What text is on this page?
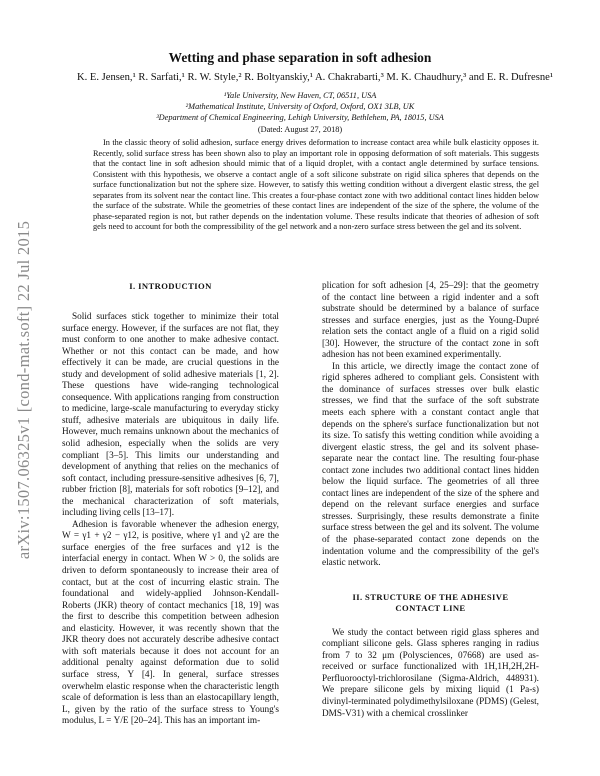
arXiv:1507.06325v1 [cond-mat.soft] 22 Jul 2015
Wetting and phase separation in soft adhesion
K. E. Jensen,¹ R. Sarfati,¹ R. W. Style,² R. Boltyanskiy,¹ A. Chakrabarti,³ M. K. Chaudhury,³ and E. R. Dufresne¹
¹Yale University, New Haven, CT, 06511, USA
²Mathematical Institute, University of Oxford, Oxford, OX1 3LB, UK
³Department of Chemical Engineering, Lehigh University, Bethlehem, PA, 18015, USA
(Dated: August 27, 2018)
In the classic theory of solid adhesion, surface energy drives deformation to increase contact area while bulk elasticity opposes it. Recently, solid surface stress has been shown also to play an important role in opposing deformation of soft materials. This suggests that the contact line in soft adhesion should mimic that of a liquid droplet, with a contact angle determined by surface tensions. Consistent with this hypothesis, we observe a contact angle of a soft silicone substrate on rigid silica spheres that depends on the surface functionalization but not the sphere size. However, to satisfy this wetting condition without a divergent elastic stress, the gel separates from its solvent near the contact line. This creates a four-phase contact zone with two additional contact lines hidden below the surface of the substrate. While the geometries of these contact lines are independent of the size of the sphere, the volume of the phase-separated region is not, but rather depends on the indentation volume. These results indicate that theories of adhesion of soft gels need to account for both the compressibility of the gel network and a non-zero surface stress between the gel and its solvent.
I. INTRODUCTION

Solid surfaces stick together to minimize their total surface energy. However, if the surfaces are not flat, they must conform to one another to make adhesive contact. Whether or not this contact can be made, and how effectively it can be made, are crucial questions in the study and development of solid adhesive materials [1, 2]. These questions have wide-ranging technological consequence. With applications ranging from construction to medicine, large-scale manufacturing to everyday sticky stuff, adhesive materials are ubiquitous in daily life. However, much remains unknown about the mechanics of solid adhesion, especially when the solids are very compliant [3–5]. This limits our understanding and development of anything that relies on the mechanics of soft contact, including pressure-sensitive adhesives [6, 7], rubber friction [8], materials for soft robotics [9–12], and the mechanical characterization of soft materials, including living cells [13–17].

Adhesion is favorable whenever the adhesion energy, W = γ1 + γ2 − γ12, is positive, where γ1 and γ2 are the surface energies of the free surfaces and γ12 is the interfacial energy in contact. When W > 0, the solids are driven to deform spontaneously to increase their area of contact, but at the cost of incurring elastic strain. The foundational and widely-applied Johnson-Kendall-Roberts (JKR) theory of contact mechanics [18, 19] was the first to describe this competition between adhesion and elasticity. However, it was recently shown that the JKR theory does not accurately describe adhesive contact with soft materials because it does not account for an additional penalty against deformation due to solid surface stress, Υ [4]. In general, surface stresses overwhelm elastic response when the characteristic length scale of deformation is less than an elastocapillary length, L, given by the ratio of the surface stress to Young's modulus, L = Υ/E [20–24]. This has an important im-

plication for soft adhesion [4, 25–29]: that the geometry of the contact line between a rigid indenter and a soft substrate should be determined by a balance of surface stresses and surface energies, just as the Young-Dupré relation sets the contact angle of a fluid on a rigid solid [30]. However, the structure of the contact zone in soft adhesion has not been examined experimentally.

In this article, we directly image the contact zone of rigid spheres adhered to compliant gels. Consistent with the dominance of surfaces stresses over bulk elastic stresses, we find that the surface of the soft substrate meets each sphere with a constant contact angle that depends on the sphere's surface functionalization but not its size. To satisfy this wetting condition while avoiding a divergent elastic stress, the gel and its solvent phase-separate near the contact line. The resulting four-phase contact zone includes two additional contact lines hidden below the liquid surface. The geometries of all three contact lines are independent of the size of the sphere and depend on the relevant surface energies and surface stresses. Surprisingly, these results demonstrate a finite surface stress between the gel and its solvent. The volume of the phase-separated contact zone depends on the indentation volume and the compressibility of the gel's elastic network.

II. STRUCTURE OF THE ADHESIVE
CONTACT LINE

We study the contact between rigid glass spheres and compliant silicone gels. Glass spheres ranging in radius from 7 to 32 μm (Polysciences, 07668) are used as-received or surface functionalized with 1H,1H,2H,2H-Perfluorooctyl-trichlorosilane (Sigma-Aldrich, 448931). We prepare silicone gels by mixing liquid (1 Pa-s) divinyl-terminated polydimethylsiloxane (PDMS) (Gelest, DMS-V31) with a chemical crosslinker
